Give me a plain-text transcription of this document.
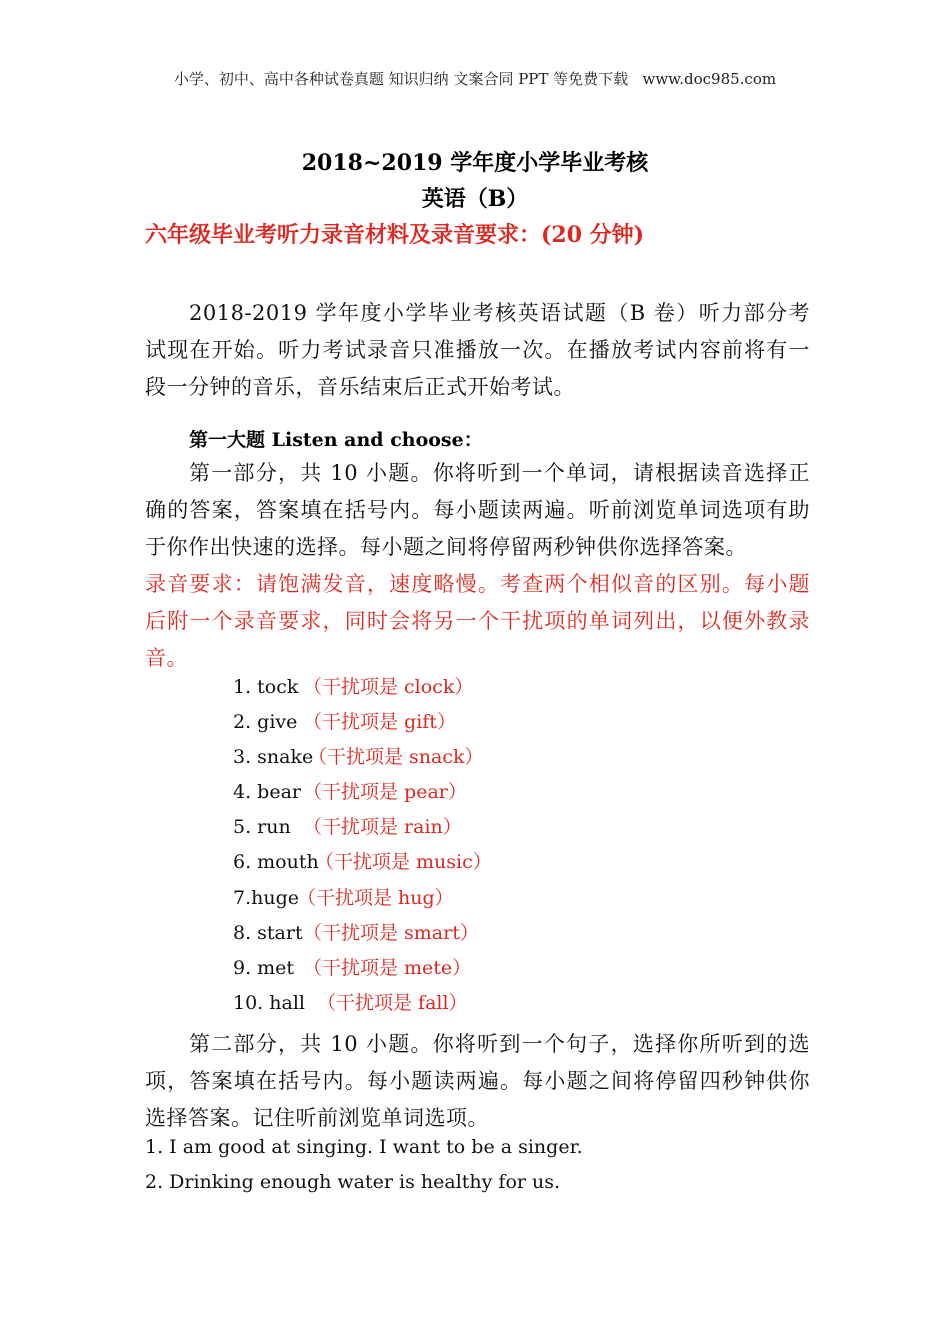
小学、初中、高中各种试卷真题 知识归纳 文案合同 PPT 等免费下载 www.doc985.com
2018~2019 学年度小学毕业考核
英语（B）
六年级毕业考听力录音材料及录音要求：(20 分钟)
2018-2019 学年度小学毕业考核英语试题（B 卷）听力部分考试现在开始。听力考试录音只准播放一次。在播放考试内容前将有一段一分钟的音乐，音乐结束后正式开始考试。
第一大题 Listen and choose：
第一部分，共 10 小题。你将听到一个单词，请根据读音选择正确的答案，答案填在括号内。每小题读两遍。听前浏览单词选项有助于你作出快速的选择。每小题之间将停留两秒钟供你选择答案。
录音要求：请饱满发音，速度略慢。考查两个相似音的区别。每小题后附一个录音要求，同时会将另一个干扰项的单词列出，以便外教录音。
1. tock （干扰项是 clock）
2. give （干扰项是 gift）
3. snake（干扰项是 snack）
4. bear （干扰项是 pear）
5. run （干扰项是 rain）
6. mouth（干扰项是 music）
7.huge（干扰项是 hug）
8. start（干扰项是 smart）
9. met （干扰项是 mete）
10. hall （干扰项是 fall）
第二部分，共 10 小题。你将听到一个句子，选择你所听到的选项，答案填在括号内。每小题读两遍。每小题之间将停留四秒钟供你选择答案。记住听前浏览单词选项。
1. I am good at singing. I want to be a singer.
2. Drinking enough water is healthy for us.
